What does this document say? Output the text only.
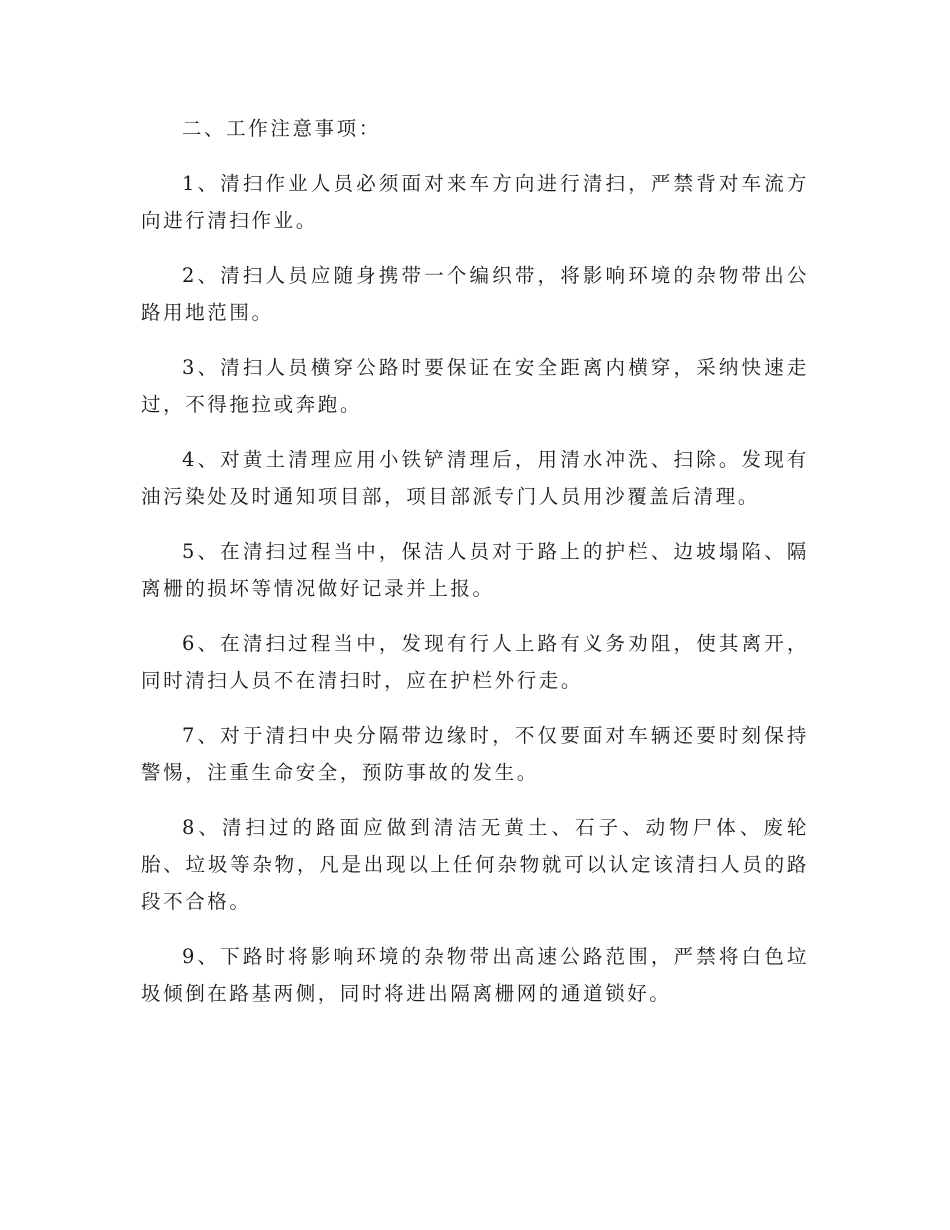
二、工作注意事项：

1、清扫作业人员必须面对来车方向进行清扫，严禁背对车流方向进行清扫作业。

2、清扫人员应随身携带一个编织带，将影响环境的杂物带出公路用地范围。

3、清扫人员横穿公路时要保证在安全距离内横穿，采纳快速走过，不得拖拉或奔跑。

4、对黄土清理应用小铁铲清理后，用清水冲洗、扫除。发现有油污染处及时通知项目部，项目部派专门人员用沙覆盖后清理。

5、在清扫过程当中，保洁人员对于路上的护栏、边坡塌陷、隔离栅的损坏等情况做好记录并上报。

6、在清扫过程当中，发现有行人上路有义务劝阻，使其离开，同时清扫人员不在清扫时，应在护栏外行走。

7、对于清扫中央分隔带边缘时，不仅要面对车辆还要时刻保持警惕，注重生命安全，预防事故的发生。

8、清扫过的路面应做到清洁无黄土、石子、动物尸体、废轮胎、垃圾等杂物，凡是出现以上任何杂物就可以认定该清扫人员的路段不合格。

9、下路时将影响环境的杂物带出高速公路范围，严禁将白色垃圾倾倒在路基两侧，同时将进出隔离栅网的通道锁好。
